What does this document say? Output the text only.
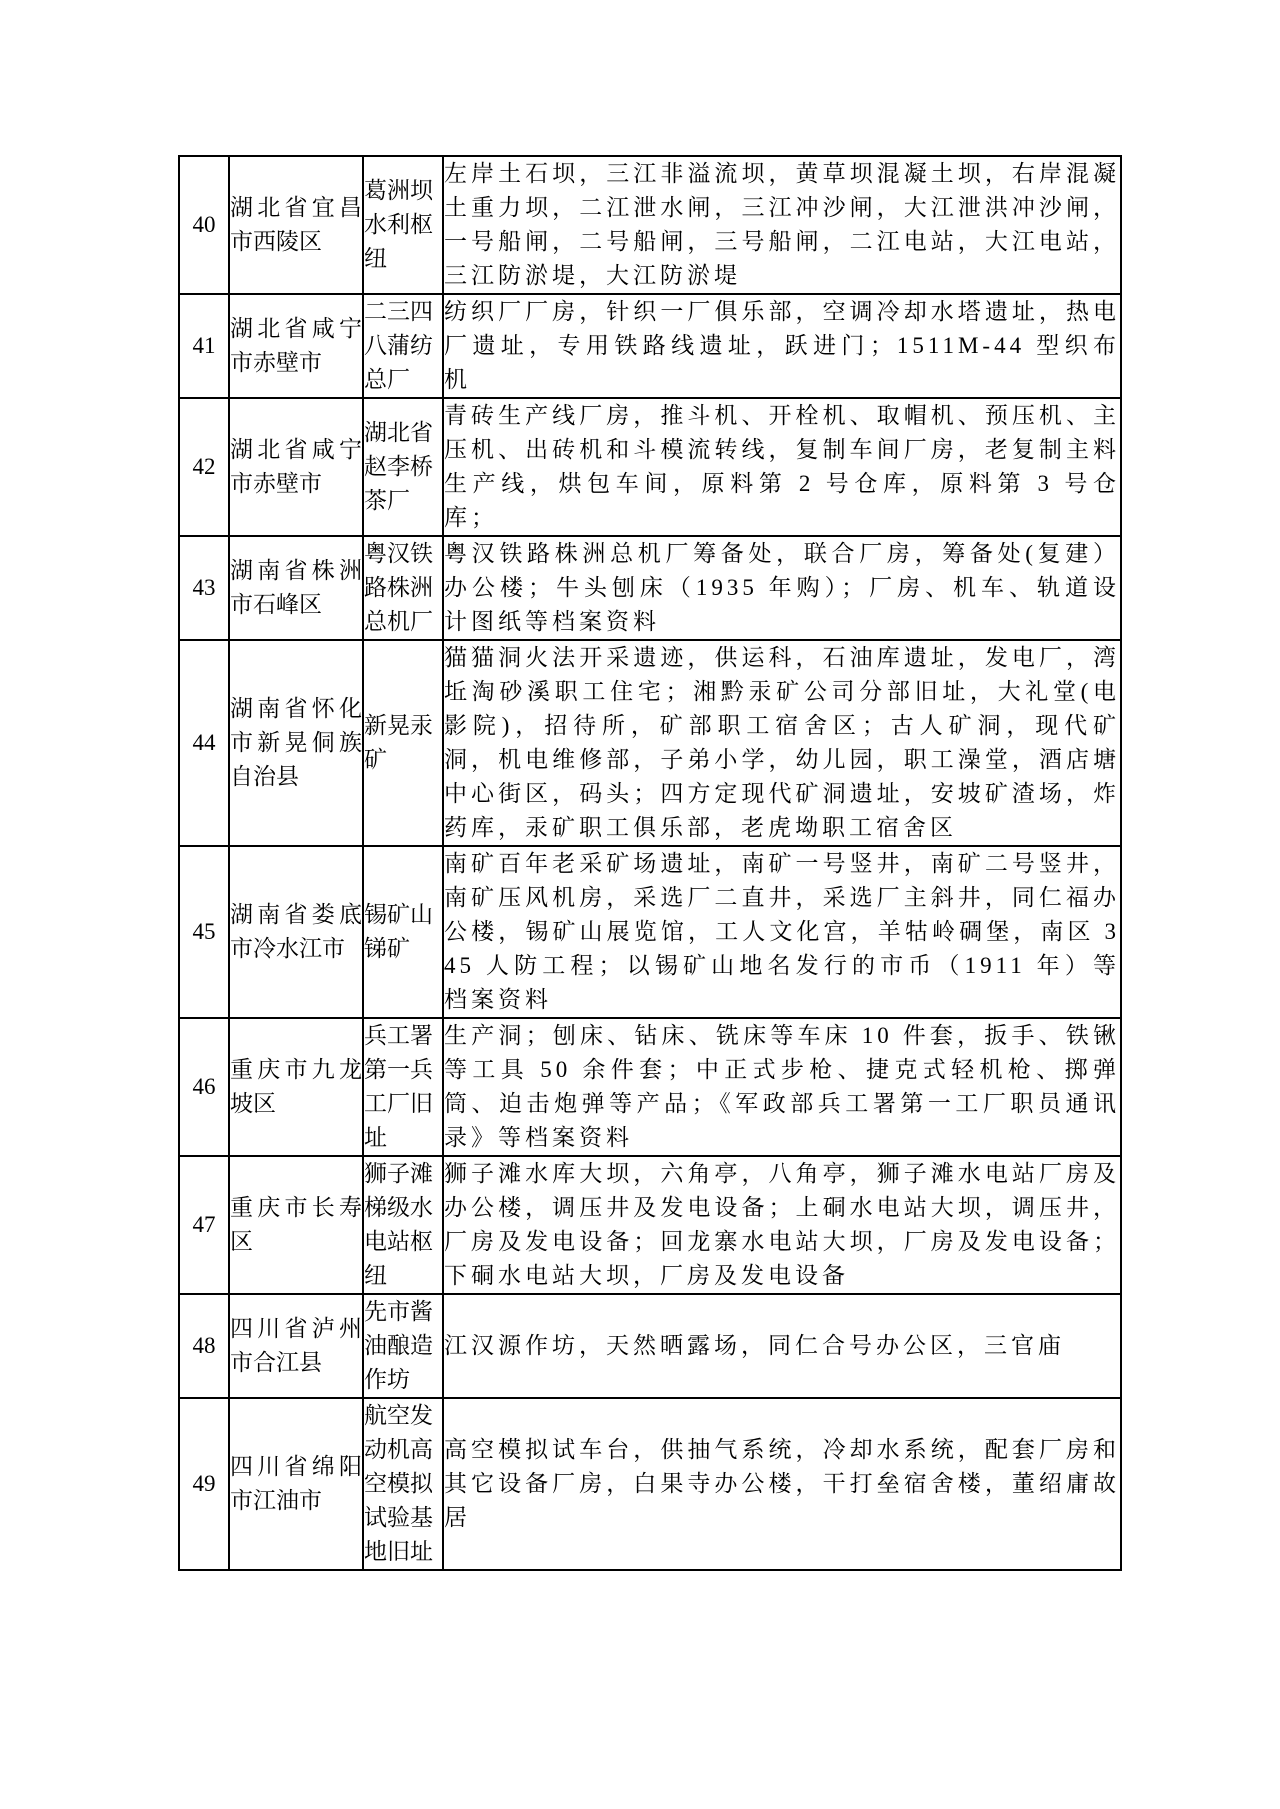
40	湖北省宜昌市西陵区	葛洲坝水利枢纽	左岸土石坝，三江非溢流坝，黄草坝混凝土坝，右岸混凝土重力坝，二江泄水闸，三江冲沙闸，大江泄洪冲沙闸，一号船闸，二号船闸，三号船闸，二江电站，大江电站，三江防淤堤，大江防淤堤
41	湖北省咸宁市赤壁市	二三四八蒲纺总厂	纺织厂厂房，针织一厂俱乐部，空调冷却水塔遗址，热电厂遗址，专用铁路线遗址，跃进门；1511M-44 型织布机
42	湖北省咸宁市赤壁市	湖北省赵李桥茶厂	青砖生产线厂房，推斗机、开栓机、取帽机、预压机、主压机、出砖机和斗模流转线，复制车间厂房，老复制主料生产线，烘包车间，原料第 2 号仓库，原料第 3 号仓库；
43	湖南省株洲市石峰区	粤汉铁路株洲总机厂	粤汉铁路株洲总机厂筹备处，联合厂房，筹备处(复建）办公楼；牛头刨床（1935 年购）；厂房、机车、轨道设计图纸等档案资料
44	湖南省怀化市新晃侗族自治县	新晃汞矿	猫猫洞火法开采遗迹，供运科，石油库遗址，发电厂，湾坵淘砂溪职工住宅；湘黔汞矿公司分部旧址，大礼堂(电影院)，招待所，矿部职工宿舍区；古人矿洞，现代矿洞，机电维修部，子弟小学，幼儿园，职工澡堂，酒店塘中心街区，码头；四方定现代矿洞遗址，安坡矿渣场，炸药库，汞矿职工俱乐部，老虎坳职工宿舍区
45	湖南省娄底市冷水江市	锡矿山锑矿	南矿百年老采矿场遗址，南矿一号竖井，南矿二号竖井，南矿压风机房，采选厂二直井，采选厂主斜井，同仁福办公楼，锡矿山展览馆，工人文化宫，羊牯岭碉堡，南区 345 人防工程；以锡矿山地名发行的市币（1911 年）等档案资料
46	重庆市九龙坡区	兵工署第一兵工厂旧址	生产洞；刨床、钻床、铣床等车床 10 件套，扳手、铁锹等工具 50 余件套；中正式步枪、捷克式轻机枪、掷弹筒、迫击炮弹等产品；《军政部兵工署第一工厂职员通讯录》等档案资料
47	重庆市长寿区	狮子滩梯级水电站枢纽	狮子滩水库大坝，六角亭，八角亭，狮子滩水电站厂房及办公楼，调压井及发电设备；上硐水电站大坝，调压井，厂房及发电设备；回龙寨水电站大坝，厂房及发电设备；下硐水电站大坝，厂房及发电设备
48	四川省泸州市合江县	先市酱油酿造作坊	江汉源作坊，天然晒露场，同仁合号办公区，三官庙
49	四川省绵阳市江油市	航空发动机高空模拟试验基地旧址	高空模拟试车台，供抽气系统，冷却水系统，配套厂房和其它设备厂房，白果寺办公楼，干打垒宿舍楼，董绍庸故居
